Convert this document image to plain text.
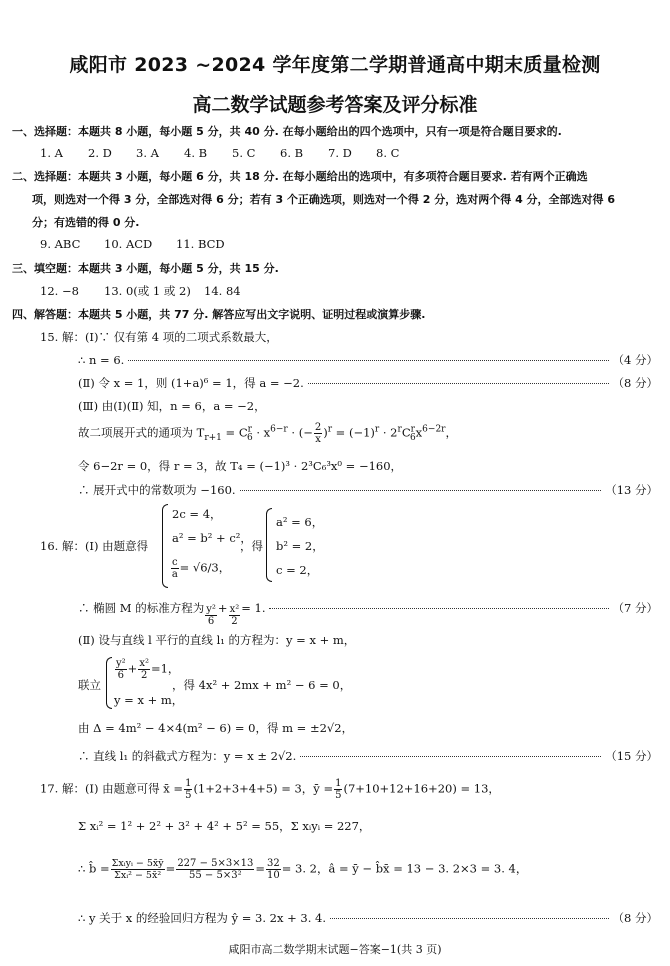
咸阳市 2023 ~2024 学年度第二学期普通高中期末质量检测
高二数学试题参考答案及评分标准
一、选择题：本题共 8 小题，每小题 5 分，共 40 分. 在每小题给出的四个选项中，只有一项是符合题目要求的.
1. A 2. D 3. A 4. B 5. C 6. B 7. D 8. C
二、选择题：本题共 3 小题，每小题 6 分，共 18 分. 在每小题给出的选项中，有多项符合题目要求. 若有两个正确选
项，则选对一个得 3 分，全部选对得 6 分；若有 3 个正确选项，则选对一个得 2 分，选对两个得 4 分，全部选对得 6
分；有选错的得 0 分.
9. ABC 10. ACD 11. BCD
三、填空题：本题共 3 小题，每小题 5 分，共 15 分.
12. −8 13. 0(或 1 或 2) 14. 84
四、解答题：本题共 5 小题，共 77 分. 解答应写出文字说明、证明过程或演算步骤.
15. 解：(Ⅰ)∵ 仅有第 4 项的二项式系数最大，
∴ n = 6.	（4 分）
(Ⅱ) 令 x = 1，则 (1+a)⁶ = 1，得 a = −2.	（8 分）
(Ⅲ) 由(Ⅰ)(Ⅱ) 知，n = 6，a = −2，
故二项展开式的通项为 $T_{r+1} = C^r_6 \cdot x^{6-r}$ · (− $\frac{2}{x} )^r = (-1)^r \cdot 2^rC^r_6x^{6-2r}$，
令 6−2r = 0，得 r = 3，故 T₄ = (−1)³ · 2³C₆³x⁰ = −160，
∴ 展开式中的常数项为 −160.	（13 分）
16. 解：(Ⅰ) 由题意得
2c = 4，
a² = b² + c²，
$\frac{c}{a} = √6/3$，
，得
a² = 6，
b² = 2，
c = 2，
∴ 椭圆 M 的标准方程为 $\frac{\text{y²}}{6} + \frac{\text{x²}}{2} = 1$.	（7 分）
(Ⅱ) 设与直线 l 平行的直线 l₁ 的方程为：y = x + m，
联立
$\frac{\text{y²}}{6} + \frac{\text{x²}}{2} =1$，
y = x + m，
，得 4x² + 2mx + m² − 6 = 0，
由 Δ = 4m² − 4×4(m² − 6) = 0，得 m = ±2√2，
∴ 直线 l₁ 的斜截式方程为：y = x ± 2√2.	（15 分）
17. 解：(Ⅰ) 由题意可得 x̄ = $\frac{1}{5} (1+2+3+4+5) = 3$，ȳ = $\frac{1}{5} (7+10+12+16+20) = 13$，
Σ xᵢ² = 1² + 2² + 3² + 4² + 5² = 55，Σ xᵢyᵢ = 227，
∴ b̂ = $\frac{\text{Σxᵢyᵢ − 5x̄ȳ}}{\text{Σxᵢ² − 5x̄²}} = \frac{227 - 5\times 3\times 13}{\text{55 − 5×3²}} = \frac{32}{10} = 3$. 2，â = ȳ − b̂x̄ = 13 − 3. 2×3 = 3. 4，
∴ y 关于 x 的经验回归方程为 ŷ = 3. 2x + 3. 4.	（8 分）
咸阳市高二数学期末试题−答案−1(共 3 页)
